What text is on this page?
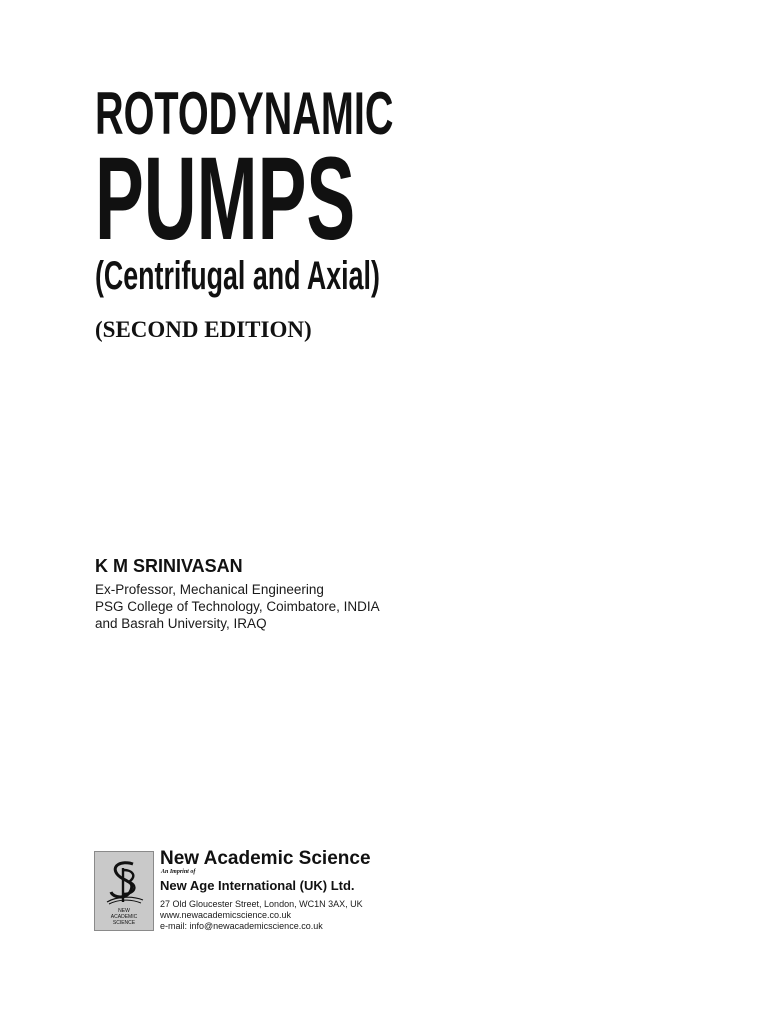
ROTODYNAMIC
PUMPS
(Centrifugal and Axial)
(SECOND EDITION)
K M SRINIVASAN
Ex-Professor, Mechanical Engineering
PSG College of Technology, Coimbatore, INDIA
and Basrah University, IRAQ
NEW
ACADEMIC
SCIENCE
New Academic Science
An Imprint of
New Age International (UK) Ltd.
27 Old Gloucester Street, London, WC1N 3AX, UK
www.newacademicscience.co.uk
e-mail: info@newacademicscience.co.uk
